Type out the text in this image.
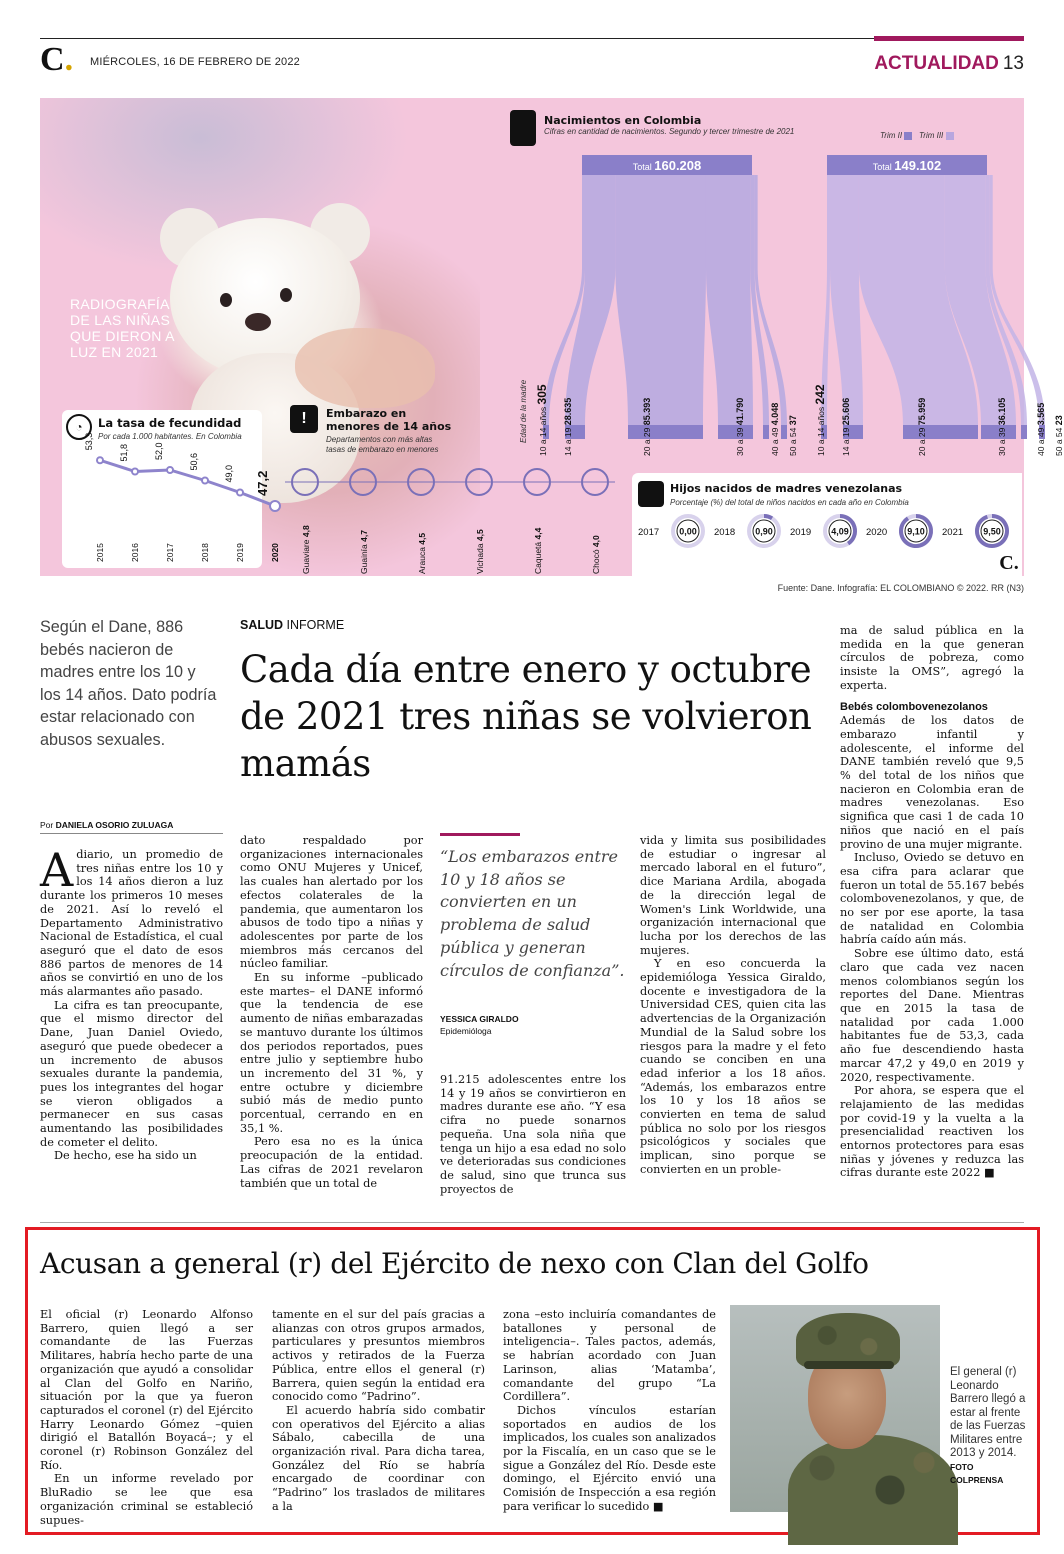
C. MIÉRCOLES, 16 DE FEBRERO DE 2022	ACTUALIDAD 13
RADIOGRAFÍA
DE LAS NIÑAS
QUE DIERON A
LUZ EN 2021
◔	La tasa de fecundidad
Por cada 1.000 habitantes. En Colombia
53,3
2015
51,8
2016
52,0
2017
50,6
2018
49,0
2019
47,2
2020
!	Embarazo en
menores de 14 años
Departamentos con más altas
tasas de embarazo en menores
Guaviare 4,8
Guainía 4,7
Arauca 4,5
Vichada 4,5
Caquetá 4,4
Chocó 4,0
Nacimientos en Colombia
Cifras en cantidad de nacimientos. Segundo y tercer trimestre de 2021	Trim II Trim III
Edad de la madre
Total 160.208	Total 149.102
Hijos nacidos de madres venezolanas
Porcentaje (%) del total de niños nacidos en cada año en Colombia
2017 0,00 2018 0,90 2019 4,09 2020 9,10 2021 9,50
C.
10 a 14 años 305
14 a 19 28.635
20 a 29 85.393
30 a 39 41.790
40 a 49 4.048
50 a 54 37	10 a 14 años 242
14 a 19 25.606
20 a 29 75.959
30 a 39 36.105
40 a 49 3.565
50 a 54 23
Fuente: Dane. Infografía: EL COLOMBIANO © 2022. RR (N3)
Según el Dane, 886 bebés nacieron de madres entre los 10 y los 14 años. Dato podría estar relacionado con abusos sexuales.
SALUD INFORME
Cada día entre enero y octubre de 2021 tres niñas se volvieron mamás
Por DANIELA OSORIO ZULUAGA

A diario, un promedio de tres niñas entre los 10 y los 14 años dieron a luz durante los primeros 10 meses de 2021. Así lo reveló el Departamento Administrativo Nacional de Estadística, el cual aseguró que el dato de esos 886 partos de menores de 14 años se convirtió en uno de los más alarmantes año pasado.

La cifra es tan preocupante, que el mismo director del Dane, Juan Daniel Oviedo, aseguró que puede obedecer a un incremento de abusos sexuales durante la pandemia, pues los integrantes del hogar se vieron obligados a permanecer en sus casas aumentando las posibilidades de cometer el delito.

De hecho, ese ha sido un

dato respaldado por organizaciones internacionales como ONU Mujeres y Unicef, las cuales han alertado por los efectos colaterales de la pandemia, que aumentaron los abusos de todo tipo a niñas y adolescentes por parte de los miembros más cercanos del núcleo familiar.

En su informe –publicado este martes– el DANE informó que la tendencia de ese aumento de niñas embarazadas se mantuvo durante los últimos dos periodos reportados, pues entre julio y septiembre hubo un incremento del 31 %, y entre octubre y diciembre subió más de medio punto porcentual, cerrando en en 35,1 %.

Pero esa no es la única preocupación de la entidad. Las cifras de 2021 revelaron también que un total de

“Los embarazos entre 10 y 18 años se convierten en un problema de salud pública y generan círculos de confianza”.
YESSICA GIRALDO
Epidemióloga

91.215 adolescentes entre los 14 y 19 años se convirtieron en madres durante ese año. “Y esa cifra no puede sonarnos pequeña. Una sola niña que tenga un hijo a esa edad no solo ve deterioradas sus condiciones de salud, sino que trunca sus proyectos de

vida y limita sus posibilidades de estudiar o ingresar al mercado laboral en el futuro”, dice Mariana Ardila, abogada de la dirección legal de Women's Link Worldwide, una organización internacional que lucha por los derechos de las mujeres.

Y en eso concuerda la epidemióloga Yessica Giraldo, docente e investigadora de la Universidad CES, quien cita las advertencias de la Organización Mundial de la Salud sobre los riesgos para la madre y el feto cuando se conciben en una edad inferior a los 18 años. “Además, los embarazos entre los 10 y los 18 años se convierten en tema de salud pública no solo por los riesgos psicológicos y sociales que implican, sino porque se convierten en un proble-

ma de salud pública en la medida en la que generan círculos de pobreza, como insiste la OMS”, agregó la experta.

Bebés colombovenezolanos

Además de los datos de embarazo infantil y adolescente, el informe del DANE también reveló que 9,5 % del total de los niños que nacieron en Colombia eran de madres venezolanas. Eso significa que casi 1 de cada 10 niños que nació en el país provino de una mujer migrante.

Incluso, Oviedo se detuvo en esa cifra para aclarar que fueron un total de 55.167 bebés colombovenezolanos, y que, de no ser por ese aporte, la tasa de natalidad en Colombia habría caído aún más.

Sobre ese último dato, está claro que cada vez nacen menos colombianos según los reportes del Dane. Mientras que en 2015 la tasa de natalidad por cada 1.000 habitantes fue de 53,3, cada año fue descendiendo hasta marcar 47,2 y 49,0 en 2019 y 2020, respectivamente.

Por ahora, se espera que el relajamiento de las medidas por covid-19 y la vuelta a la presencialidad reactiven los entornos protectores para esas niñas y jóvenes y reduzca las cifras durante este 2022 ■

Acusan a general (r) del Ejército de nexo con Clan del Golfo

El oficial (r) Leonardo Alfonso Barrero, quien llegó a ser comandante de las Fuerzas Militares, habría hecho parte de una organización que ayudó a consolidar al Clan del Golfo en Nariño, situación por la que ya fueron capturados el coronel (r) del Ejército Harry Leonardo Gómez –quien dirigió el Batallón Boyacá–; y el coronel (r) Robinson González del Río.

En un informe revelado por BluRadio se lee que esa organización criminal se estableció supues-

tamente en el sur del país gracias a alianzas con otros grupos armados, particulares y presuntos miembros activos y retirados de la Fuerza Pública, entre ellos el general (r) Barrera, quien según la entidad era conocido como “Padrino”.

El acuerdo habría sido combatir con operativos del Ejército a alias Sábalo, cabecilla de una organización rival. Para dicha tarea, González del Río se habría encargado de coordinar con “Padrino” los traslados de militares a la

zona –esto incluiría comandantes de batallones y personal de inteligencia–. Tales pactos, además, se habrían acordado con Juan Larinson, alias ‘Matamba’, comandante del grupo “La Cordillera”.

Dichos vínculos estarían soportados en audios de los implicados, los cuales son analizados por la Fiscalía, en un caso que se le sigue a González del Río. Desde este domingo, el Ejército envió una Comisión de Inspección a esa región para verificar lo sucedido ■

El general (r) Leonardo Barrero llegó a estar al frente de las Fuerzas Militares entre 2013 y 2014. FOTO COLPRENSA
